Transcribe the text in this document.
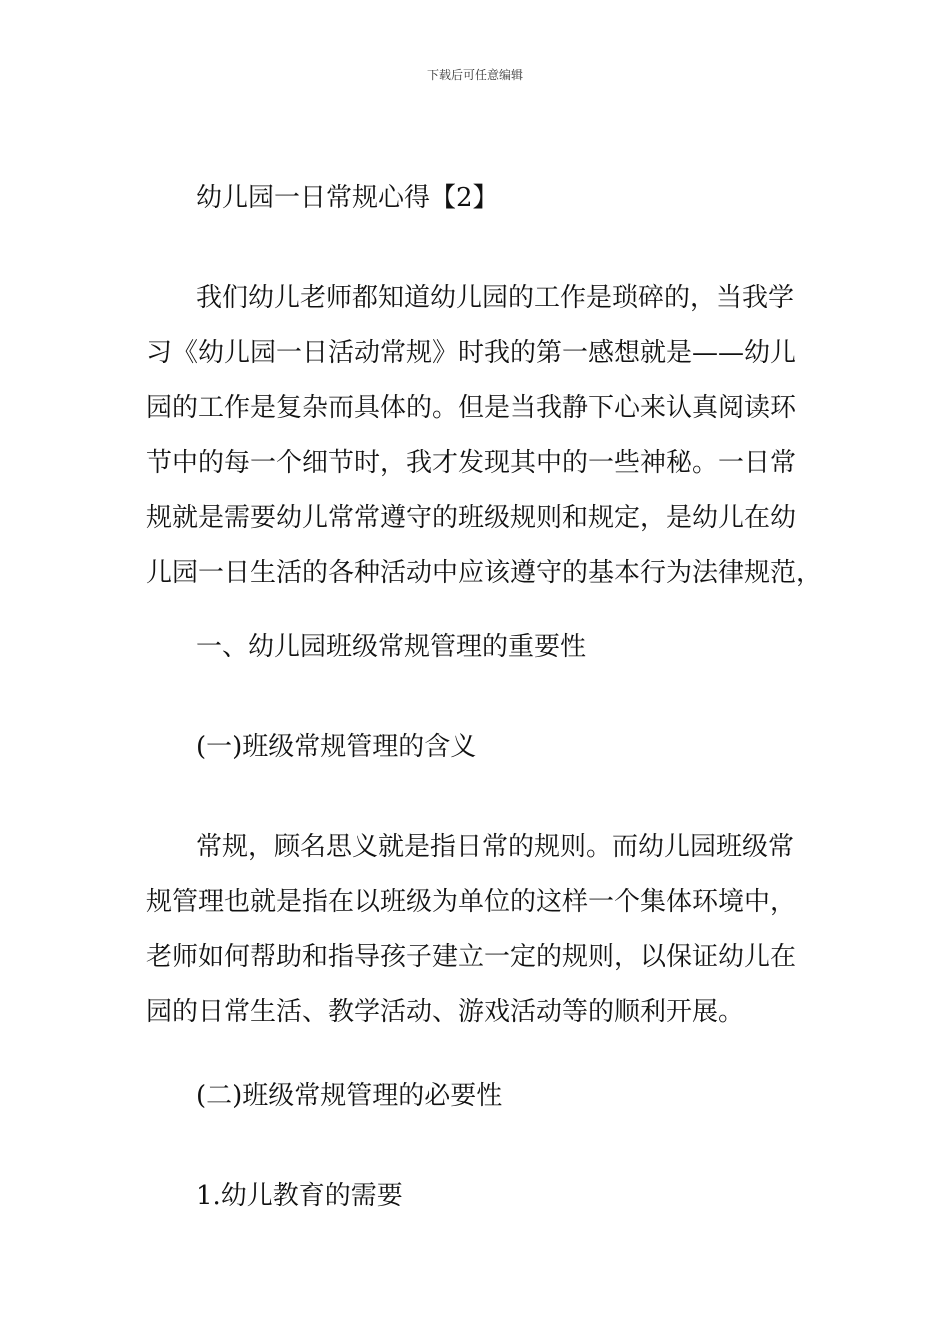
下载后可任意编辑
幼儿园一日常规心得【2】
我们幼儿老师都知道幼儿园的工作是琐碎的，当我学
习《幼儿园一日活动常规》时我的第一感想就是——幼儿
园的工作是复杂而具体的。但是当我静下心来认真阅读环
节中的每一个细节时，我才发现其中的一些神秘。一日常
规就是需要幼儿常常遵守的班级规则和规定，是幼儿在幼
儿园一日生活的各种活动中应该遵守的基本行为法律规范，
一、幼儿园班级常规管理的重要性
(一)班级常规管理的含义
常规，顾名思义就是指日常的规则。而幼儿园班级常
规管理也就是指在以班级为单位的这样一个集体环境中，
老师如何帮助和指导孩子建立一定的规则，以保证幼儿在
园的日常生活、教学活动、游戏活动等的顺利开展。
(二)班级常规管理的必要性
1.幼儿教育的需要
